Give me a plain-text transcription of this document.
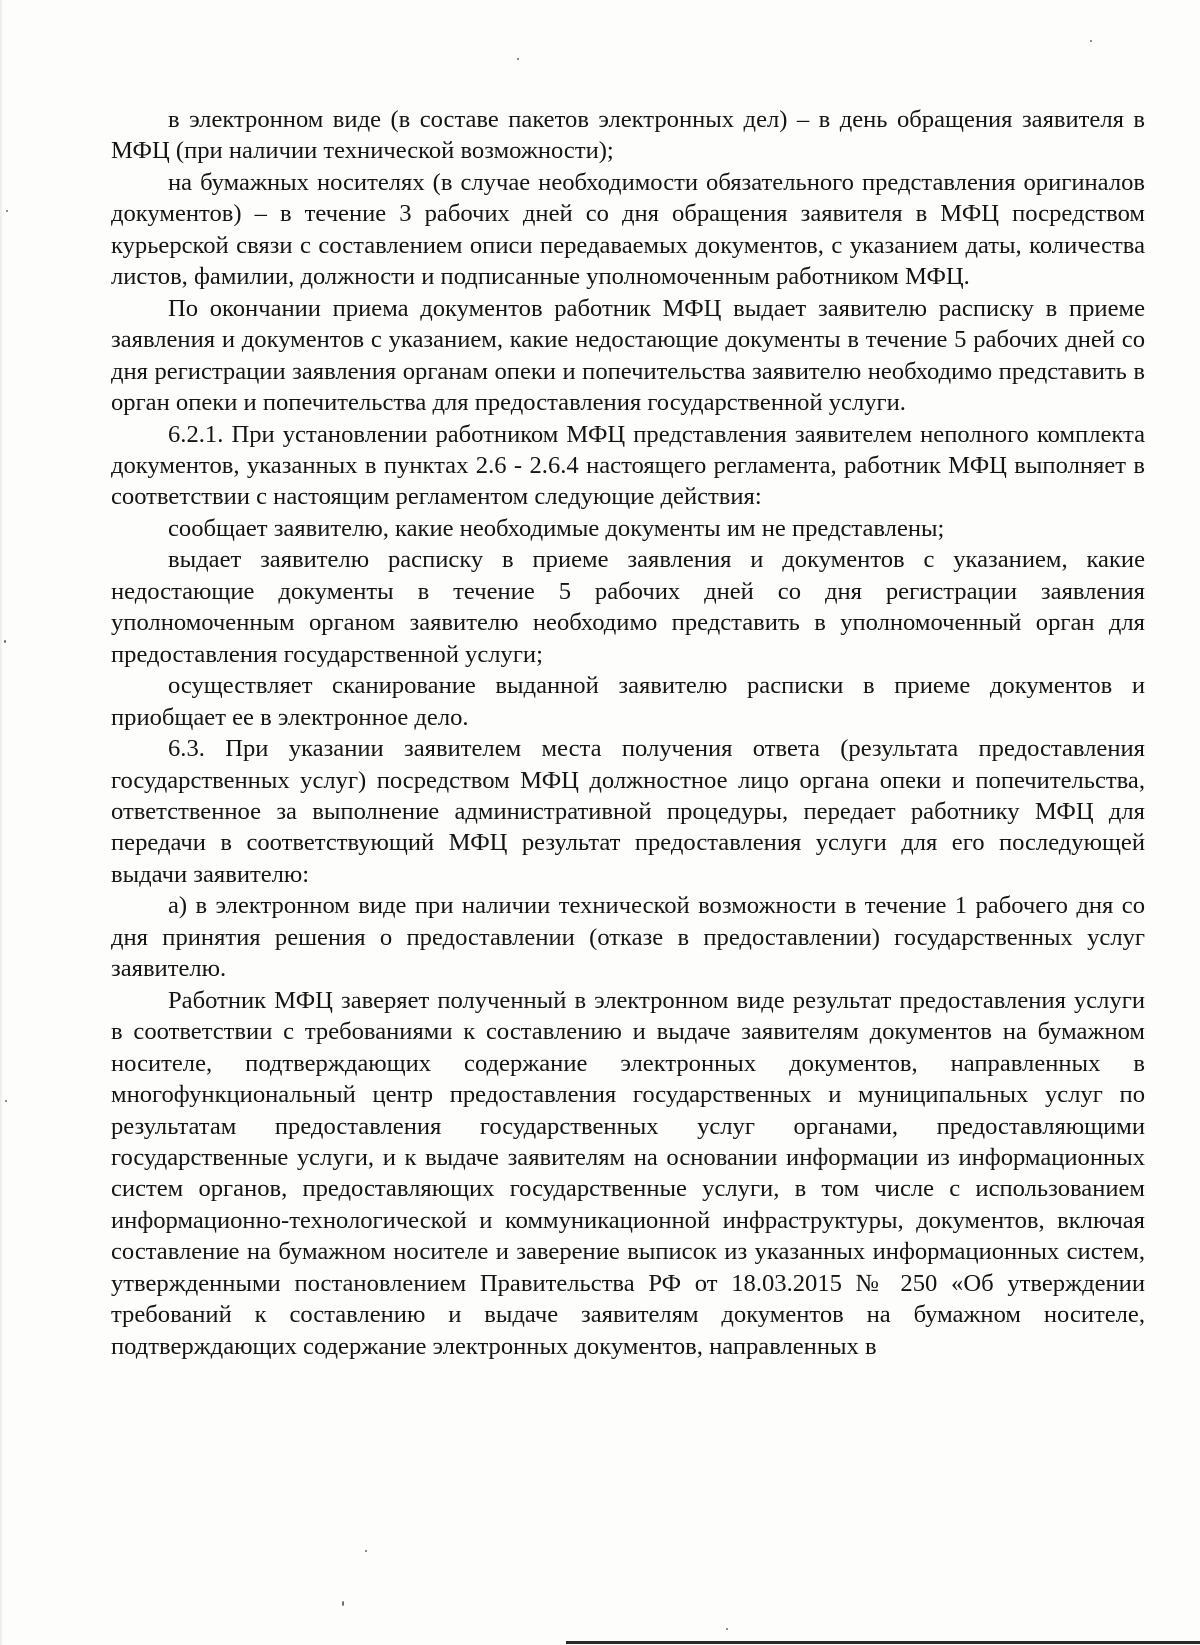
в электронном виде (в составе пакетов электронных дел) – в день обращения заявителя в МФЦ (при наличии технической возможности);

на бумажных носителях (в случае необходимости обязательного представления оригиналов документов) – в течение 3 рабочих дней со дня обращения заявителя в МФЦ посредством курьерской связи с составлением описи передаваемых документов, с указанием даты, количества листов, фамилии, должности и подписанные уполномоченным работником МФЦ.

По окончании приема документов работник МФЦ выдает заявителю расписку в приеме заявления и документов с указанием, какие недостающие документы в течение 5 рабочих дней со дня регистрации заявления органам опеки и попечительства заявителю необходимо представить в орган опеки и попечительства для предоставления государственной услуги.

6.2.1. При установлении работником МФЦ представления заявителем неполного комплекта документов, указанных в пунктах 2.6 - 2.6.4 настоящего регламента, работник МФЦ выполняет в соответствии с настоящим регламентом следующие действия:

сообщает заявителю, какие необходимые документы им не представлены;

выдает заявителю расписку в приеме заявления и документов с указанием, какие недостающие документы в течение 5 рабочих дней со дня регистрации заявления уполномоченным органом заявителю необходимо представить в уполномоченный орган для предоставления государственной услуги;

осуществляет сканирование выданной заявителю расписки в приеме документов и приобщает ее в электронное дело.

6.3. При указании заявителем места получения ответа (результата предоставления государственных услуг) посредством МФЦ должностное лицо органа опеки и попечительства, ответственное за выполнение административной процедуры, передает работнику МФЦ для передачи в соответствующий МФЦ результат предоставления услуги для его последующей выдачи заявителю:

а) в электронном виде при наличии технической возможности в течение 1 рабочего дня со дня принятия решения о предоставлении (отказе в предоставлении) государственных услуг заявителю.

Работник МФЦ заверяет полученный в электронном виде результат предоставления услуги в соответствии с требованиями к составлению и выдаче заявителям документов на бумажном носителе, подтверждающих содержание электронных документов, направленных в многофункциональный центр предоставления государственных и муниципальных услуг по результатам предоставления государственных услуг органами, предоставляющими государственные услуги, и к выдаче заявителям на основании информации из информационных систем органов, предоставляющих государственные услуги, в том числе с использованием информационно-технологической и коммуникационной инфраструктуры, документов, включая составление на бумажном носителе и заверение выписок из указанных информационных систем, утвержденными постановлением Правительства РФ от 18.03.2015 № 250 «Об утверждении требований к составлению и выдаче заявителям документов на бумажном носителе, подтверждающих содержание электронных документов, направленных в
